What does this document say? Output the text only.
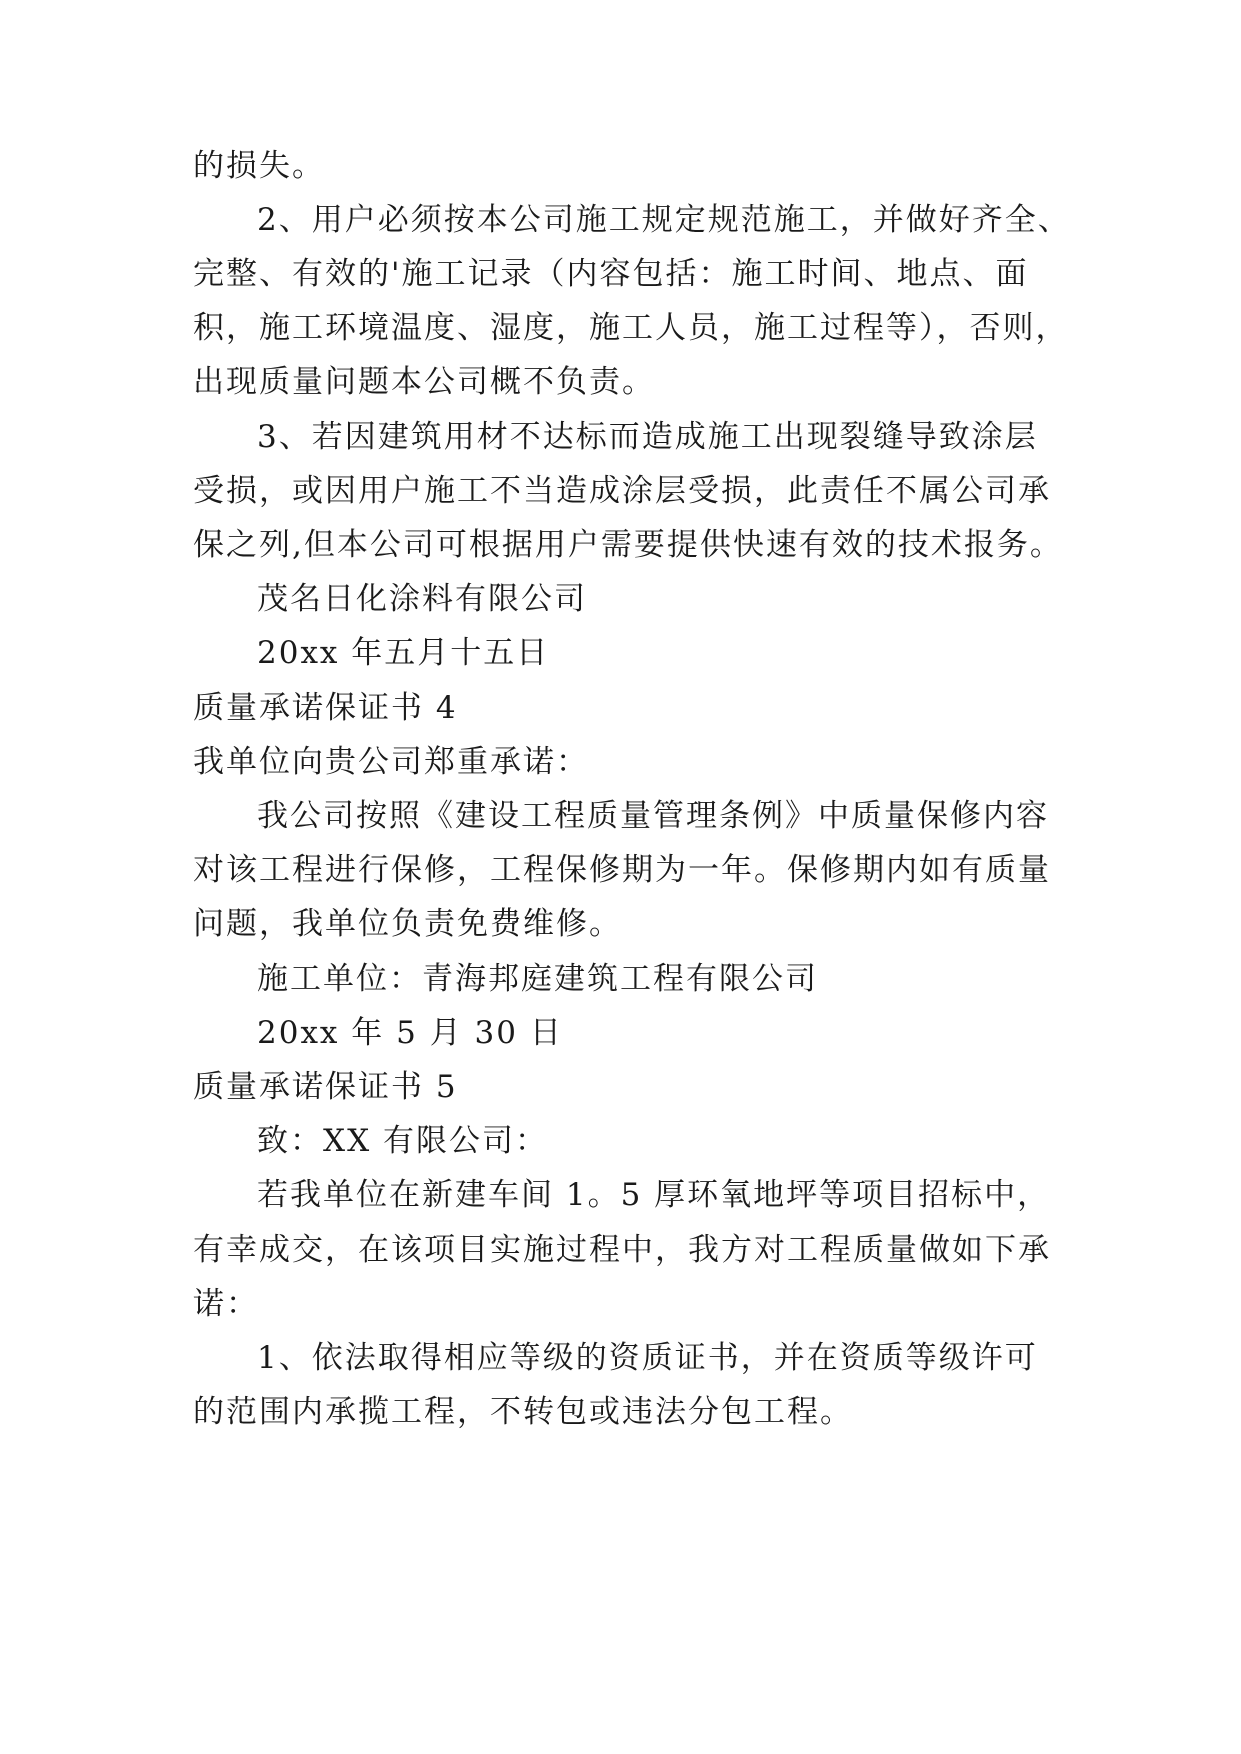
的损失。
2、用户必须按本公司施工规定规范施工，并做好齐全、
完整、有效的'施工记录（内容包括：施工时间、地点、面
积，施工环境温度、湿度，施工人员，施工过程等），否则，
出现质量问题本公司概不负责。
3、若因建筑用材不达标而造成施工出现裂缝导致涂层
受损，或因用户施工不当造成涂层受损，此责任不属公司承
保之列,但本公司可根据用户需要提供快速有效的技术报务。
茂名日化涂料有限公司
20xx 年五月十五日
质量承诺保证书 4
我单位向贵公司郑重承诺：
我公司按照《建设工程质量管理条例》中质量保修内容
对该工程进行保修，工程保修期为一年。保修期内如有质量
问题，我单位负责免费维修。
施工单位：青海邦庭建筑工程有限公司
20xx 年 5 月 30 日
质量承诺保证书 5
致：XX 有限公司：
若我单位在新建车间 1。5 厚环氧地坪等项目招标中，
有幸成交，在该项目实施过程中，我方对工程质量做如下承
诺：
1、依法取得相应等级的资质证书，并在资质等级许可
的范围内承揽工程，不转包或违法分包工程。
